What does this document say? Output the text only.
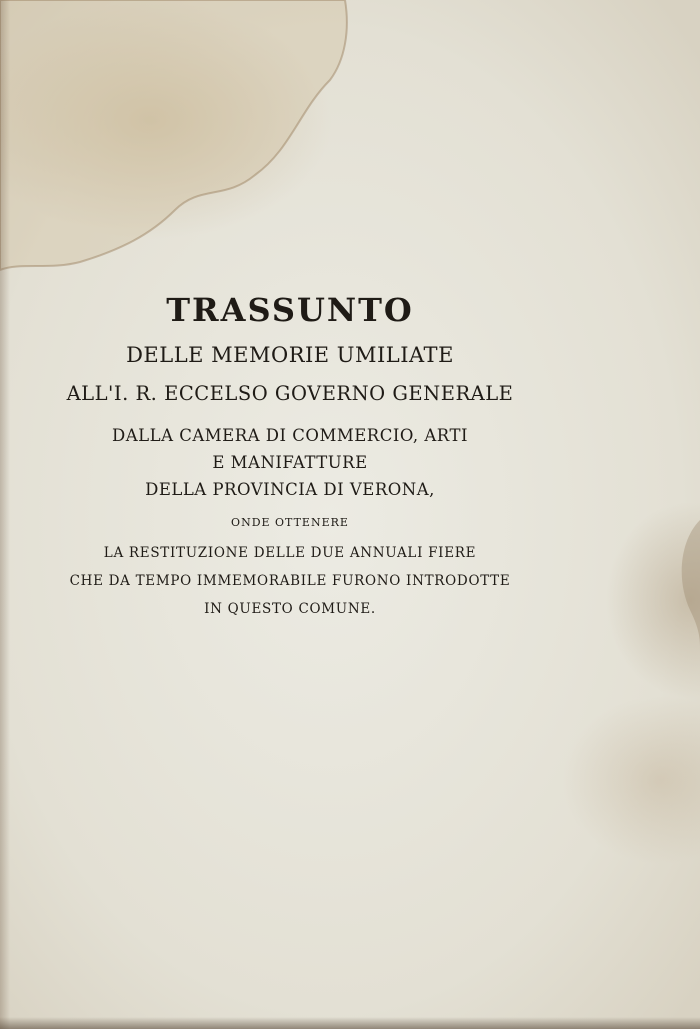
TRASSUNTO
DELLE MEMORIE UMILIATE
ALL'I. R. ECCELSO GOVERNO GENERALE
DALLA CAMERA DI COMMERCIO, ARTI
E MANIFATTURE
DELLA PROVINCIA DI VERONA,
ONDE OTTENERE
LA RESTITUZIONE DELLE DUE ANNUALI FIERE
CHE DA TEMPO IMMEMORABILE FURONO INTRODOTTE
IN QUESTO COMUNE.
